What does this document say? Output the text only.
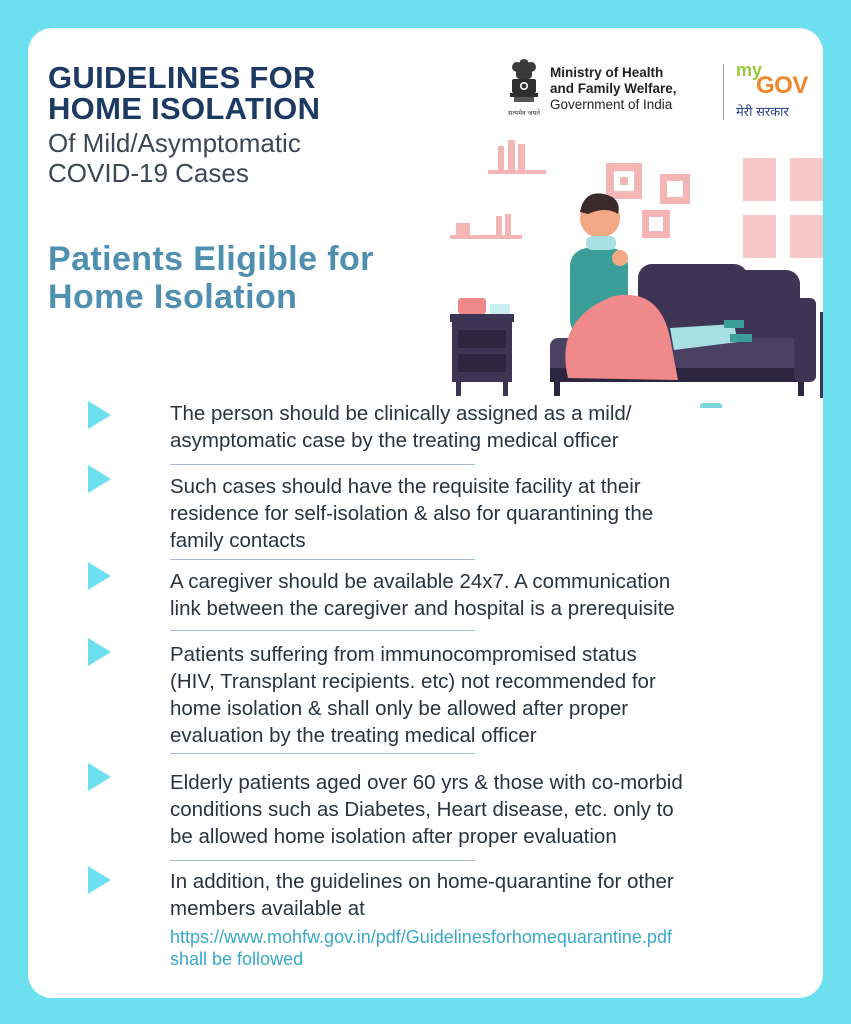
GUIDELINES FOR
HOME ISOLATION

Of Mild/Asymptomatic
COVID-19 Cases

सत्यमेव जयते
Ministry of Health
and Family Welfare,
Government of India
my
GOV
मेरी सरकार
Patients Eligible for
Home Isolation

The person should be clinically assigned as a mild/
asymptomatic case by the treating medical officer

Such cases should have the requisite facility at their
residence for self-isolation & also for quarantining the
family contacts

A caregiver should be available 24x7. A communication
link between the caregiver and hospital is a prerequisite

Patients suffering from immunocompromised status
(HIV, Transplant recipients. etc) not recommended for
home isolation & shall only be allowed after proper
evaluation by the treating medical officer

Elderly patients aged over 60 yrs & those with co-morbid
conditions such as Diabetes, Heart disease, etc. only to
be allowed home isolation after proper evaluation

In addition, the guidelines on home-quarantine for other
members available at

https://www.mohfw.gov.in/pdf/Guidelinesforhomequarantine.pdf
shall be followed
